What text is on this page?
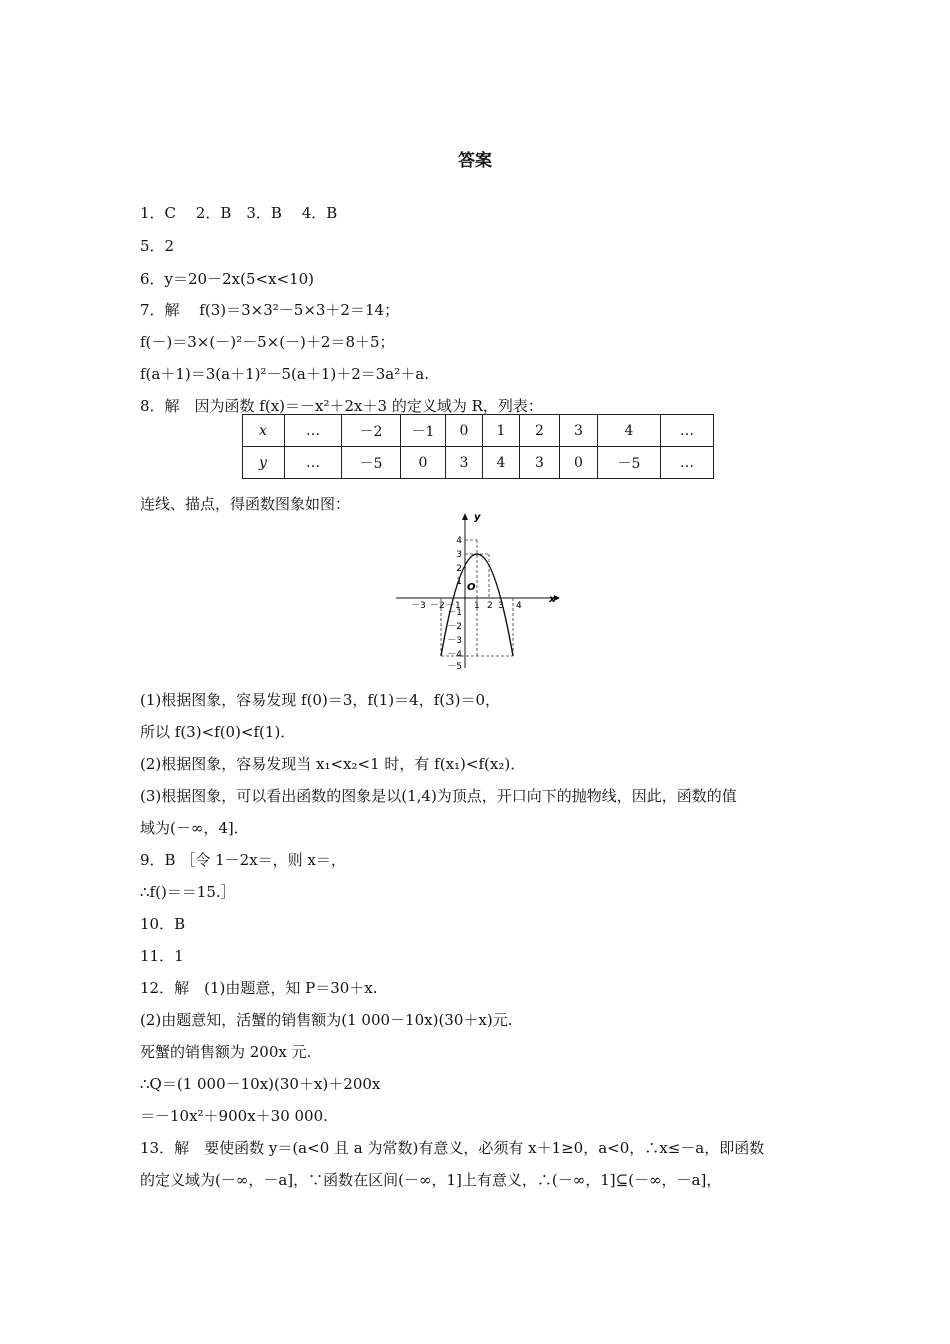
答案
1．C　 2．B　3．B　 4．B
5．2
6．y＝20－2x(5<x<10)
7．解　 f(3)＝3×3²－5×3＋2＝14；
f(－)＝3×(－)²－5×(－)＋2＝8＋5；
f(a＋1)＝3(a＋1)²－5(a＋1)＋2＝3a²＋a.
8．解　因为函数 f(x)＝－x²＋2x＋3 的定义域为 R，列表：
x	…	－2	－1	0	1	2	3	4	…
y	…	－5	0	3	4	3	0	－5	…
连线、描点，得函数图象如图：
y
x
O
－3 －2 －1 1 2 3 4
4
3
2
1
－1
－2
－3
－4
－5
(1)根据图象，容易发现 f(0)＝3，f(1)＝4，f(3)＝0，
所以 f(3)<f(0)<f(1)．
(2)根据图象，容易发现当 x₁<x₂<1 时，有 f(x₁)<f(x₂)．
(3)根据图象，可以看出函数的图象是以(1,4)为顶点，开口向下的抛物线，因此，函数的值
域为(－∞，4]．
9．B ［令 1－2x＝，则 x＝，
∴f()＝＝15.］
10．B
11．1
12．解　(1)由题意，知 P＝30＋x.
(2)由题意知，活蟹的销售额为(1 000－10x)(30＋x)元.
死蟹的销售额为 200x 元.
∴Q＝(1 000－10x)(30＋x)＋200x
＝－10x²＋900x＋30 000.
13．解　要使函数 y＝(a<0 且 a 为常数)有意义，必须有 x＋1≥0，a<0，∴x≤－a，即函数
的定义域为(－∞，－a]，∵函数在区间(－∞，1]上有意义，∴(－∞，1]⊆(－∞，－a]，
